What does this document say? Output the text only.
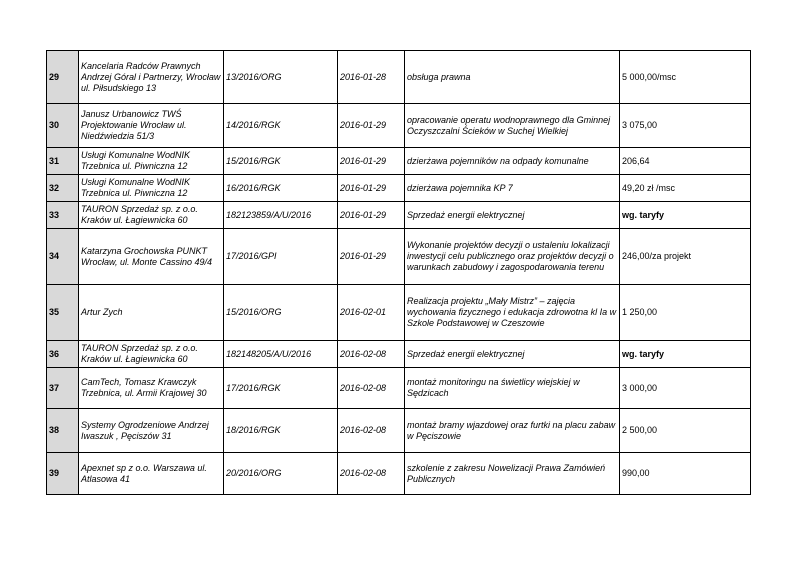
29	Kancelaria Radców Prawnych Andrzej Góral i Partnerzy, Wrocław ul. Piłsudskiego 13	13/2016/ORG	2016-01-28	obsługa prawna	5 000,00/msc
30	Janusz Urbanowicz TWŚ Projektowanie Wrocław ul. Niedźwiedzia 51/3	14/2016/RGK	2016-01-29	opracowanie operatu wodnoprawnego dla Gminnej Oczyszczalni Ścieków w Suchej Wielkiej	3 075,00
31	Usługi Komunalne WodNIK Trzebnica ul. Piwniczna 12	15/2016/RGK	2016-01-29	dzierżawa pojemników na odpady komunalne	206,64
32	Usługi Komunalne WodNIK Trzebnica ul. Piwniczna 12	16/2016/RGK	2016-01-29	dzierżawa pojemnika KP 7	49,20 zł /msc
33	TAURON Sprzedaż sp. z o.o. Kraków ul. Łagiewnicka 60	182123859/A/U/2016	2016-01-29	Sprzedaż energii elektrycznej	wg. taryfy
34	Katarzyna Grochowska PUNKT Wrocław, ul. Monte Cassino 49/4	17/2016/GPI	2016-01-29	Wykonanie projektów decyzji o ustaleniu lokalizacji inwestycji celu publicznego oraz projektów decyzji o warunkach zabudowy i zagospodarowania terenu	246,00/za projekt
35	Artur Zych	15/2016/ORG	2016-02-01	Realizacja projektu „Mały Mistrz” – zajęcia wychowania fizycznego i edukacja zdrowotna kl Ia w Szkole Podstawowej w Czeszowie	1 250,00
36	TAURON Sprzedaż sp. z o.o. Kraków ul. Łagiewnicka 60	182148205/A/U/2016	2016-02-08	Sprzedaż energii elektrycznej	wg. taryfy
37	CamTech, Tomasz Krawczyk Trzebnica, ul. Armii Krajowej 30	17/2016/RGK	2016-02-08	montaż monitoringu na świetlicy wiejskiej w Sędzicach	3 000,00
38	Systemy Ogrodzeniowe Andrzej Iwaszuk , Pęciszów 31	18/2016/RGK	2016-02-08	montaż bramy wjazdowej oraz furtki na placu zabaw w Pęciszowie	2 500,00
39	Apexnet sp z o.o. Warszawa ul. Atlasowa 41	20/2016/ORG	2016-02-08	szkolenie z zakresu Nowelizacji Prawa Zamówień Publicznych	990,00
